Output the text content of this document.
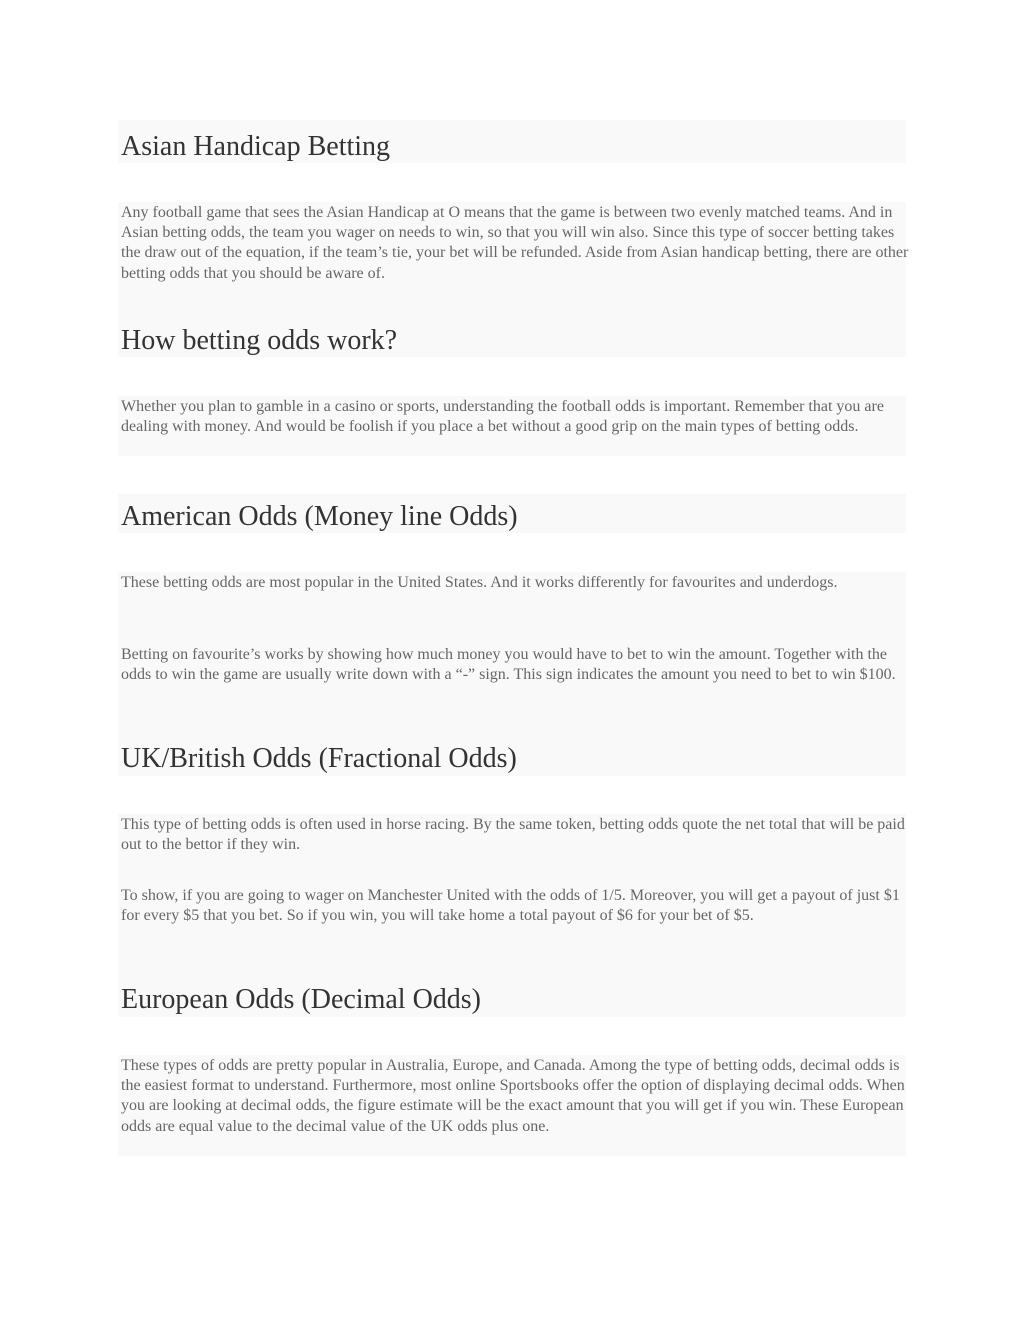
Asian Handicap Betting

Any football game that sees the Asian Handicap at O means that the game is between two evenly matched teams. And in Asian betting odds, the team you wager on needs to win, so that you will win also. Since this type of soccer betting takes the draw out of the equation, if the team’s tie, your bet will be refunded. Aside from Asian handicap betting, there are other betting odds that you should be aware of.

How betting odds work?

Whether you plan to gamble in a casino or sports, understanding the football odds is important. Remember that you are dealing with money. And would be foolish if you place a bet without a good grip on the main types of betting odds.

American Odds (Money line Odds)

These betting odds are most popular in the United States. And it works differently for favourites and underdogs.

Betting on favourite’s works by showing how much money you would have to bet to win the amount. Together with the odds to win the game are usually write down with a “-” sign. This sign indicates the amount you need to bet to win $100.

UK/British Odds (Fractional Odds)

This type of betting odds is often used in horse racing. By the same token, betting odds quote the net total that will be paid out to the bettor if they win.

To show, if you are going to wager on Manchester United with the odds of 1/5. Moreover, you will get a payout of just $1 for every $5 that you bet. So if you win, you will take home a total payout of $6 for your bet of $5.

European Odds (Decimal Odds)

These types of odds are pretty popular in Australia, Europe, and Canada. Among the type of betting odds, decimal odds is the easiest format to understand. Furthermore, most online Sportsbooks offer the option of displaying decimal odds. When you are looking at decimal odds, the figure estimate will be the exact amount that you will get if you win. These European odds are equal value to the decimal value of the UK odds plus one.
